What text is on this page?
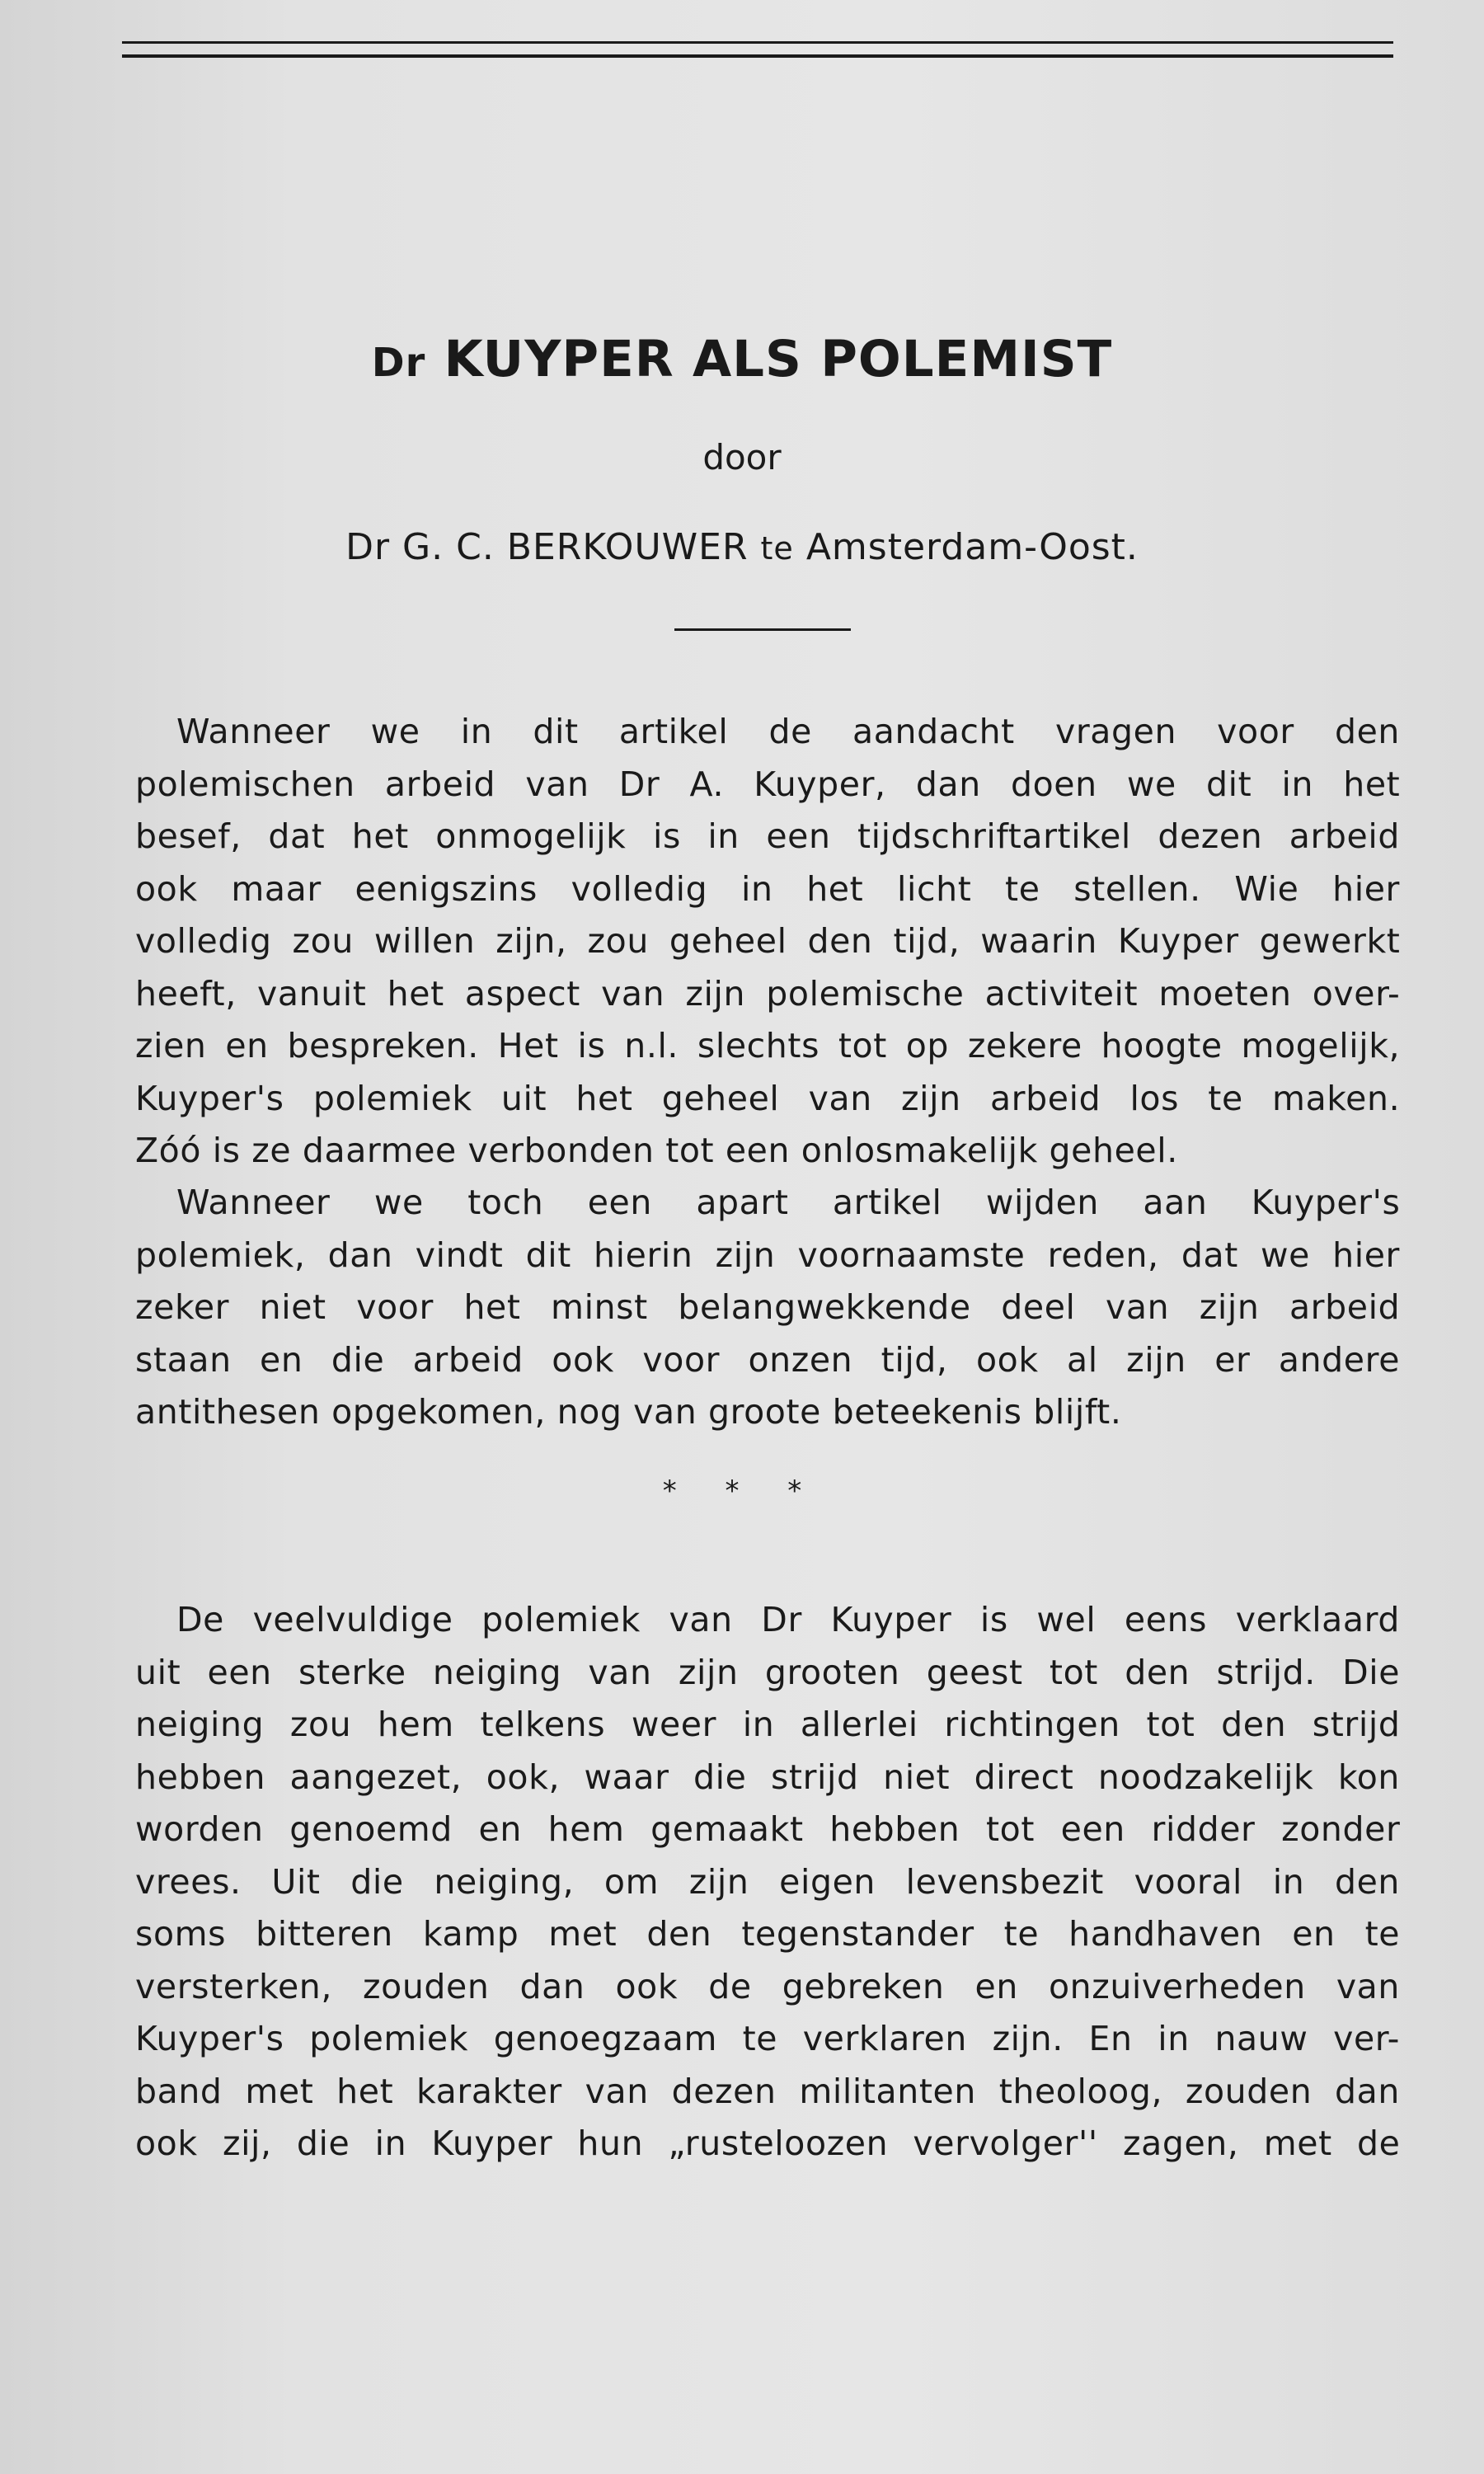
Dr KUYPER ALS POLEMIST
door
Dr G. C. BERKOUWER te Amsterdam-Oost.

Wanneer we in dit artikel de aandacht vragen voor den
polemischen arbeid van Dr A. Kuyper, dan doen we dit in het
besef, dat het onmogelijk is in een tijdschriftartikel dezen arbeid
ook maar eenigszins volledig in het licht te stellen. Wie hier
volledig zou willen zijn, zou geheel den tijd, waarin Kuyper gewerkt
heeft, vanuit het aspect van zijn polemische activiteit moeten over-
zien en bespreken. Het is n.l. slechts tot op zekere hoogte mogelijk,
Kuyper's polemiek uit het geheel van zijn arbeid los te maken.
Zóó is ze daarmee verbonden tot een onlosmakelijk geheel.

Wanneer we toch een apart artikel wijden aan Kuyper's
polemiek, dan vindt dit hierin zijn voornaamste reden, dat we hier
zeker niet voor het minst belangwekkende deel van zijn arbeid
staan en die arbeid ook voor onzen tijd, ook al zijn er andere
antithesen opgekomen, nog van groote beteekenis blijft.

* * *

De veelvuldige polemiek van Dr Kuyper is wel eens verklaard
uit een sterke neiging van zijn grooten geest tot den strijd. Die
neiging zou hem telkens weer in allerlei richtingen tot den strijd
hebben aangezet, ook, waar die strijd niet direct noodzakelijk kon
worden genoemd en hem gemaakt hebben tot een ridder zonder
vrees. Uit die neiging, om zijn eigen levensbezit vooral in den
soms bitteren kamp met den tegenstander te handhaven en te
versterken, zouden dan ook de gebreken en onzuiverheden van
Kuyper's polemiek genoegzaam te verklaren zijn. En in nauw ver-
band met het karakter van dezen militanten theoloog, zouden dan
ook zij, die in Kuyper hun „rusteloozen vervolger'' zagen, met de
